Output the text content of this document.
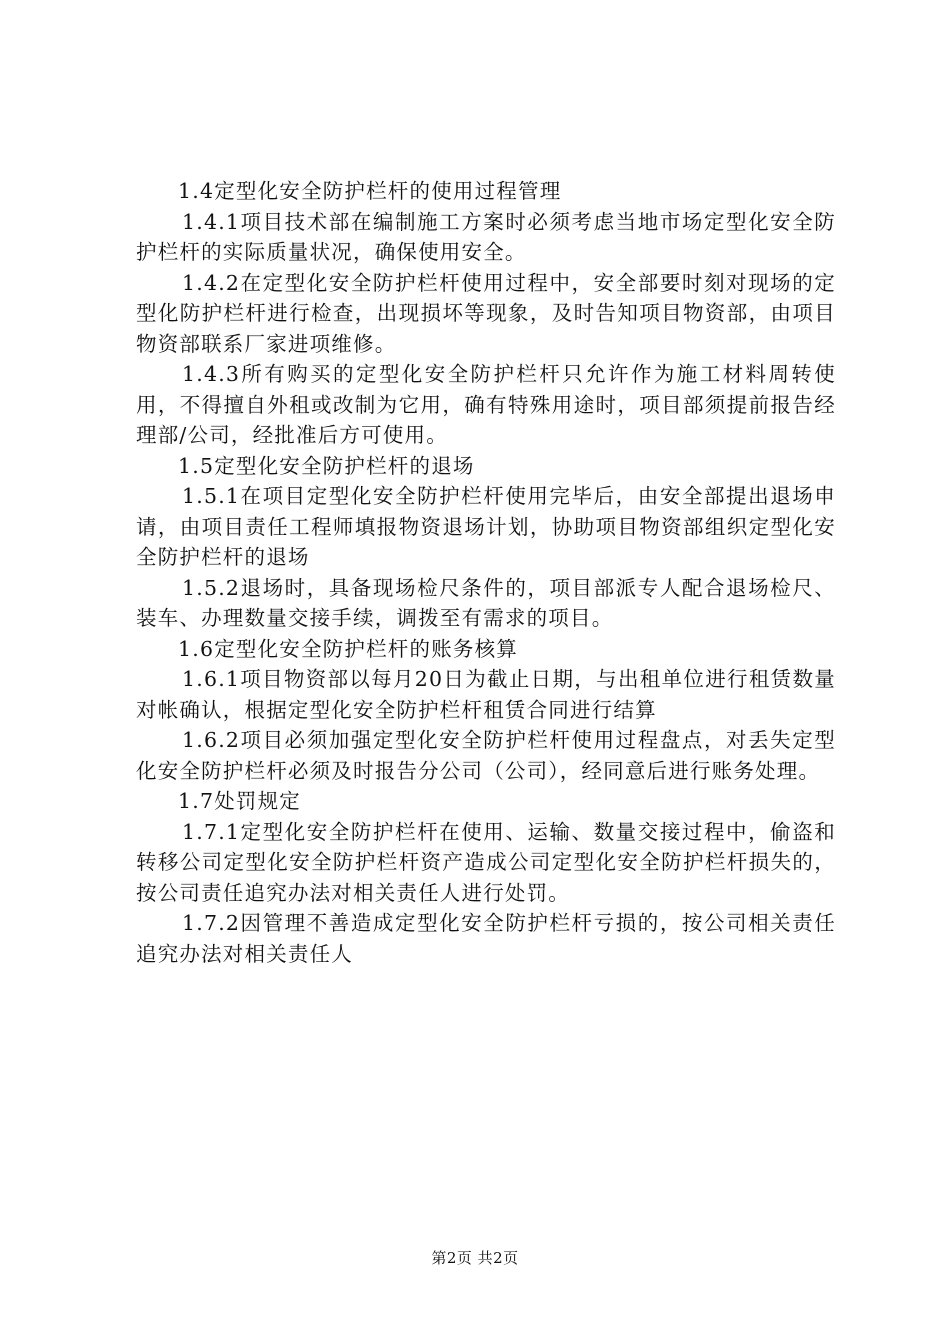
1.4定型化安全防护栏杆的使用过程管理

1.4.1项目技术部在编制施工方案时必须考虑当地市场定型化安全防护栏杆的实际质量状况，确保使用安全。

1.4.2在定型化安全防护栏杆使用过程中，安全部要时刻对现场的定型化防护栏杆进行检查，出现损坏等现象，及时告知项目物资部，由项目物资部联系厂家进项维修。

1.4.3所有购买的定型化安全防护栏杆只允许作为施工材料周转使用，不得擅自外租或改制为它用，确有特殊用途时，项目部须提前报告经理部/公司，经批准后方可使用。

1.5定型化安全防护栏杆的退场

1.5.1在项目定型化安全防护栏杆使用完毕后，由安全部提出退场申请，由项目责任工程师填报物资退场计划，协助项目物资部组织定型化安全防护栏杆的退场

1.5.2退场时，具备现场检尺条件的，项目部派专人配合退场检尺、装车、办理数量交接手续，调拨至有需求的项目。

1.6定型化安全防护栏杆的账务核算

1.6.1项目物资部以每月20日为截止日期，与出租单位进行租赁数量对帐确认，根据定型化安全防护栏杆租赁合同进行结算

1.6.2项目必须加强定型化安全防护栏杆使用过程盘点，对丢失定型化安全防护栏杆必须及时报告分公司（公司），经同意后进行账务处理。

1.7处罚规定

1.7.1定型化安全防护栏杆在使用、运输、数量交接过程中，偷盗和转移公司定型化安全防护栏杆资产造成公司定型化安全防护栏杆损失的，按公司责任追究办法对相关责任人进行处罚。

1.7.2因管理不善造成定型化安全防护栏杆亏损的，按公司相关责任追究办法对相关责任人

第2页 共2页
